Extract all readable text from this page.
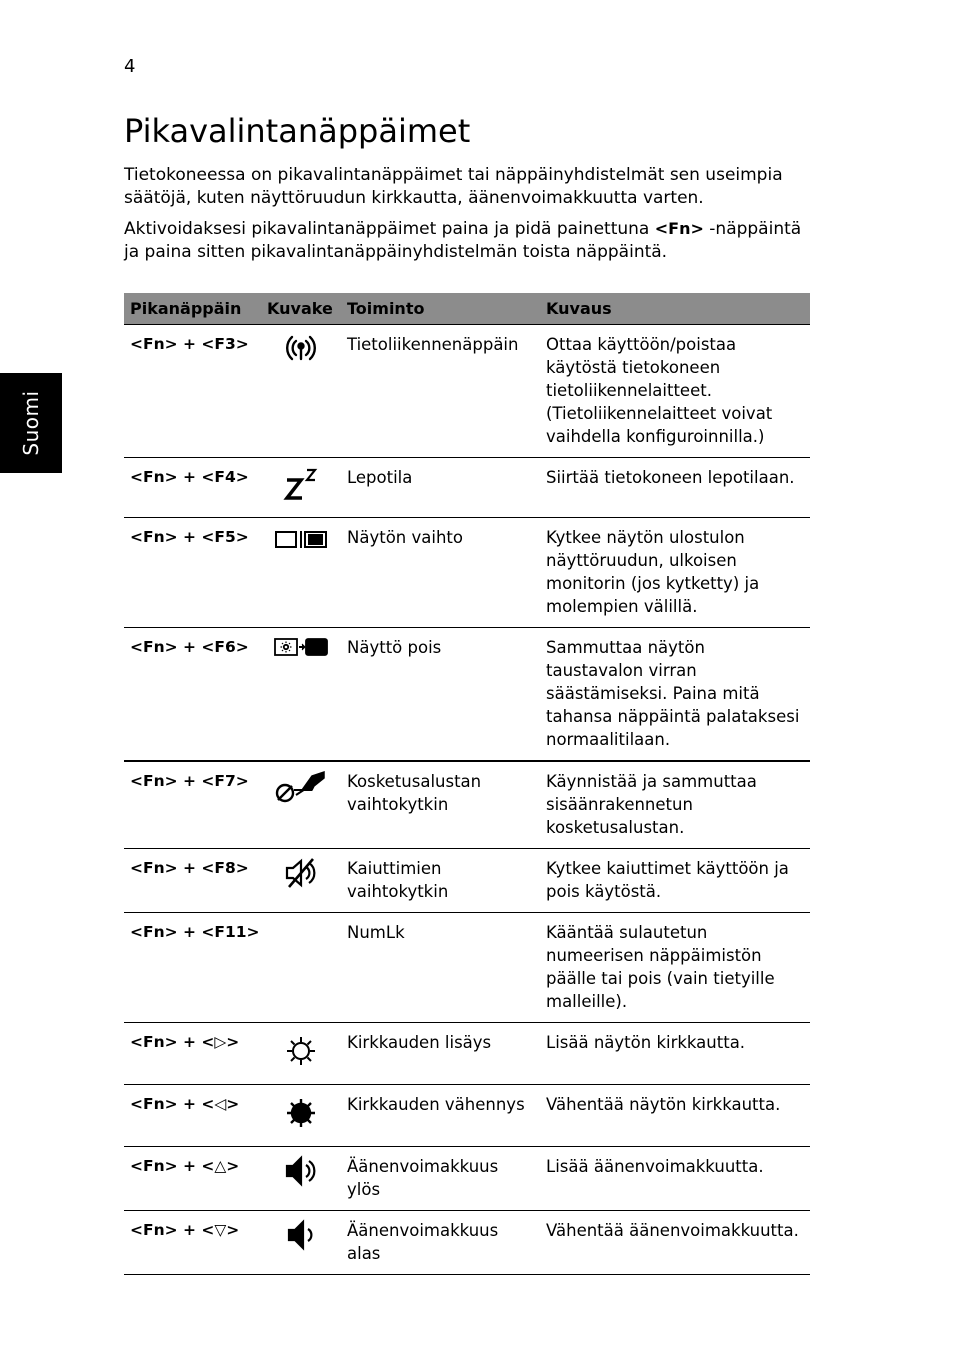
4
Suomi
Pikavalintanäppäimet

Tietokoneessa on pikavalintanäppäimet tai näppäinyhdistelmät sen useimpia säätöjä, kuten näyttöruudun kirkkautta, äänenvoimakkuutta varten.

Aktivoidaksesi pikavalintanäppäimet paina ja pidä painettuna <Fn> -näppäintä ja paina sitten pikavalintanäppäinyhdistelmän toista näppäintä.

Pikanäppäin	Kuvake	Toiminto	Kuvaus
<Fn> + <F3>		Tietoliikennenäppäin	Ottaa käyttöön/poistaa käytöstä tietokoneen tietoliikennelaitteet. (Tietoliikennelaitteet voivat vaihdella konfiguroinnilla.)
<Fn> + <F4>		Lepotila	Siirtää tietokoneen lepotilaan.
<Fn> + <F5>		Näytön vaihto	Kytkee näytön ulostulon näyttöruudun, ulkoisen monitorin (jos kytketty) ja molempien välillä.
<Fn> + <F6>		Näyttö pois	Sammuttaa näytön taustavalon virran säästämiseksi. Paina mitä tahansa näppäintä palataksesi normaalitilaan.
<Fn> + <F7>		Kosketusalustan vaihtokytkin	Käynnistää ja sammuttaa sisäänrakennetun kosketusalustan.
<Fn> + <F8>		Kaiuttimien vaihtokytkin	Kytkee kaiuttimet käyttöön ja pois käytöstä.
<Fn> + <F11>		NumLk	Kääntää sulautetun numeerisen näppäimistön päälle tai pois (vain tietyille malleille).
<Fn> + <▷>		Kirkkauden lisäys	Lisää näytön kirkkautta.
<Fn> + <◁>		Kirkkauden vähennys	Vähentää näytön kirkkautta.
<Fn> + <△>		Äänenvoimakkuus ylös	Lisää äänenvoimakkuutta.
<Fn> + <▽>		Äänenvoimakkuus alas	Vähentää äänenvoimakkuutta.
